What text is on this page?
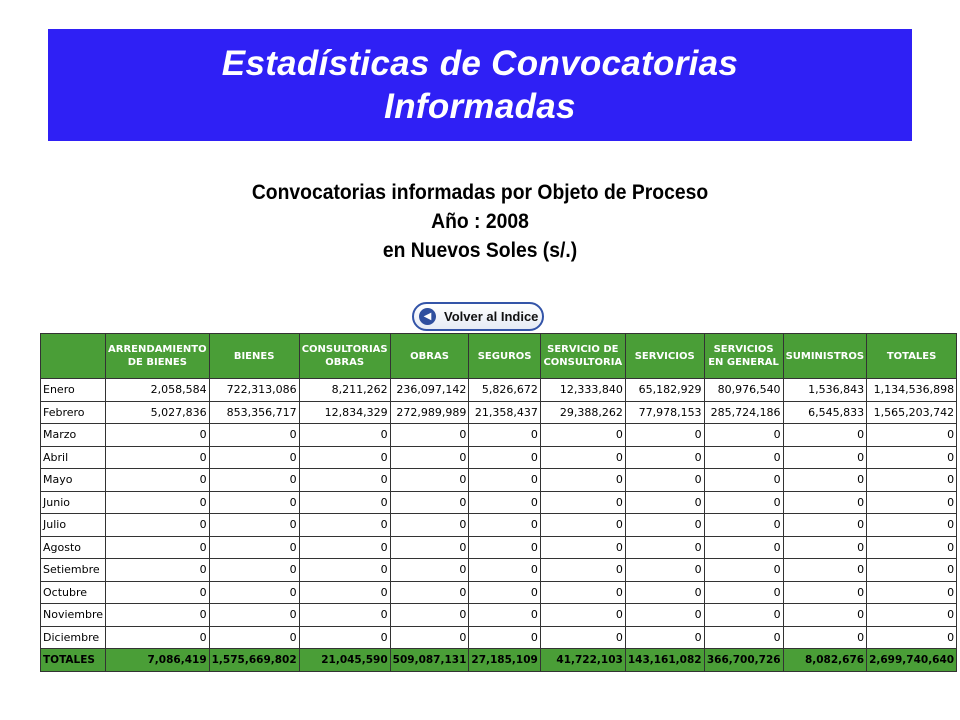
Estadísticas de Convocatorias
Informadas
Convocatorias informadas por Objeto de Proceso
Año : 2008
en Nuevos Soles (s/.)
◀ Volver al Indice
	ARRENDAMIENTO DE BIENES	BIENES	CONSULTORIAS OBRAS	OBRAS	SEGUROS	SERVICIO DE CONSULTORIA	SERVICIOS	SERVICIOS EN GENERAL	SUMINISTROS	TOTALES
Enero	2,058,584	722,313,086	8,211,262	236,097,142	5,826,672	12,333,840	65,182,929	80,976,540	1,536,843	1,134,536,898
Febrero	5,027,836	853,356,717	12,834,329	272,989,989	21,358,437	29,388,262	77,978,153	285,724,186	6,545,833	1,565,203,742
Marzo	0	0	0	0	0	0	0	0	0	0
Abril	0	0	0	0	0	0	0	0	0	0
Mayo	0	0	0	0	0	0	0	0	0	0
Junio	0	0	0	0	0	0	0	0	0	0
Julio	0	0	0	0	0	0	0	0	0	0
Agosto	0	0	0	0	0	0	0	0	0	0
Setiembre	0	0	0	0	0	0	0	0	0	0
Octubre	0	0	0	0	0	0	0	0	0	0
Noviembre	0	0	0	0	0	0	0	0	0	0
Diciembre	0	0	0	0	0	0	0	0	0	0
TOTALES	7,086,419	1,575,669,802	21,045,590	509,087,131	27,185,109	41,722,103	143,161,082	366,700,726	8,082,676	2,699,740,640
